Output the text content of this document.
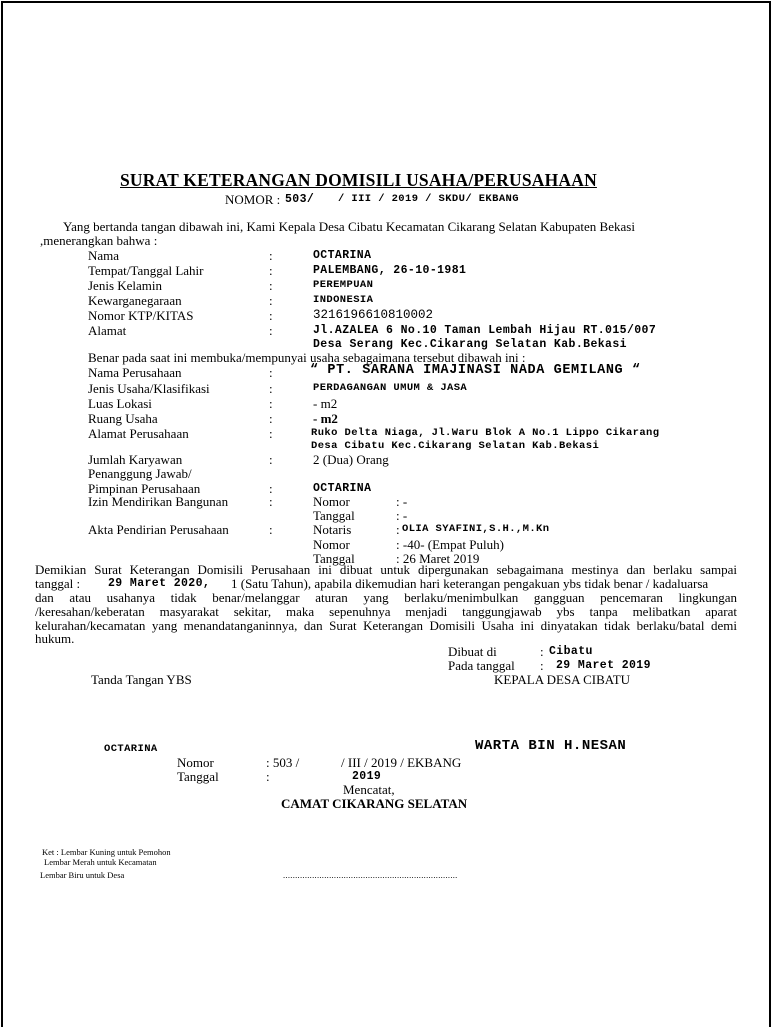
SURAT KETERANGAN DOMISILI USAHA/PERUSAHAAN
NOMOR : 503/ / III / 2019 / SKDU/ EKBANG
Yang bertanda tangan dibawah ini, Kami Kepala Desa Cibatu Kecamatan Cikarang Selatan Kabupaten Bekasi
,menerangkan bahwa :
Nama	:	OCTARINA
Tempat/Tanggal Lahir	:	PALEMBANG, 26-10-1981
Jenis Kelamin	:	PEREMPUAN
Kewarganegaraan	:	INDONESIA
Nomor KTP/KITAS	:	3216196610810002
Alamat	:	Jl.AZALEA 6 No.10 Taman Lembah Hijau RT.015/007
Desa Serang Kec.Cikarang Selatan Kab.Bekasi
Benar pada saat ini membuka/mempunyai usaha sebagaimana tersebut dibawah ini :
Nama Perusahaan	:	“ PT. SARANA IMAJINASI NADA GEMILANG “
Jenis Usaha/Klasifikasi	:	PERDAGANGAN UMUM & JASA
Luas Lokasi	:	- m2
Ruang Usaha	:	- m2
Alamat Perusahaan	:	Ruko Delta Niaga, Jl.Waru Blok A No.1 Lippo Cikarang
Desa Cibatu Kec.Cikarang Selatan Kab.Bekasi
Jumlah Karyawan	:	2 (Dua) Orang
Penanggung Jawab/
Pimpinan Perusahaan	:	OCTARINA
Izin Mendirikan Bangunan	:	Nomor	: -
Tanggal	: -
Akta Pendirian Perusahaan	:	Notaris	: OLIA SYAFINI,S.H.,M.Kn
Nomor	: -40- (Empat Puluh)
Tanggal	: 26 Maret 2019
Demikian Surat Keterangan Domisili Perusahaan ini dibuat untuk dipergunakan sebagaimana mestinya dan berlaku sampai
tanggal : 29 Maret 2020, 1 (Satu Tahun), apabila dikemudian hari keterangan pengakuan ybs tidak benar / kadaluarsa
dan atau usahanya tidak benar/melanggar aturan yang berlaku/menimbulkan gangguan pencemaran lingkungan
/keresahan/keberatan masyarakat sekitar, maka sepenuhnya menjadi tanggungjawab ybs tanpa melibatkan aparat
kelurahan/kecamatan yang menandatanganinnya, dan Surat Keterangan Domisili Usaha ini dinyatakan tidak berlaku/batal demi
hukum.
Dibuat di	: Cibatu
Pada tanggal : 29 Maret 2019
Tanda Tangan YBS	KEPALA DESA CIBATU
OCTARINA	WARTA BIN H.NESAN
Nomor	: 503 /	/ III / 2019 / EKBANG
Tanggal	:	2019
Mencatat,
CAMAT CIKARANG SELATAN
Ket : Lembar Kuning untuk Pemohon
Lembar Merah untuk Kecamatan
Lembar Biru untuk Desa	........................................................................
